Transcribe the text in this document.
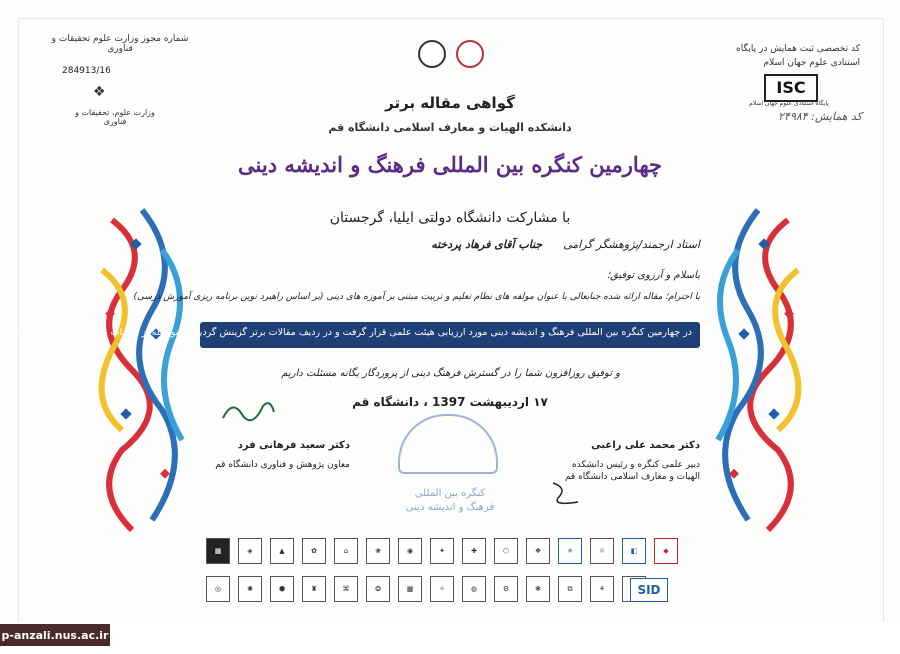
شماره مجوز وزارت علوم تحقیقات و فناوری
284913/16
❖
وزارت علوم، تحقیقات و فناوری
کد تخصصی ثبت همایش در پایگاه
استنادی علوم جهان اسلام
ISC
پایگاه استنادی علوم جهان اسلام
کد همایش: ۲۴۹۸۴
گواهی مقاله برتر
دانشکده الهیات و معارف اسلامی دانشگاه قم
چهارمین کنگره بین المللی فرهنگ و اندیشه دینی
با مشارکت دانشگاه دولتی ایلیا، گرجستان
استاد ارجمند/پژوهشگر گرامی      جناب آقای فرهاد پردخته
باسلام و آرزوی توفیق؛
با احترام؛ مقاله ارائه شده جنابعالی با عنوان مولفه های نظام تعلیم و تربیت مبتنی بر آموزه های دینی (بر اساس راهبرد نوین برنامه ریزی آموزش درسی)
در چهارمین کنگره بین المللی فرهنگ و اندیشه دینی مورد ارزیابی هیئت علمی قرار گرفت و در ردیف مقالات برتر گزینش گردید. بدینوسیله از زحمات جنابعالی تقدیر می نماید
و توفیق روزافزون شما را در گسترش فرهنگ دینی از پروردگار یگانه مسئلت داریم
۱۷ اردیبهشت 1397 ، دانشگاه قم
دکتر سعید فرهانی فرد
معاون پژوهش و فناوری دانشگاه قم
کنگره بین المللی
فرهنگ و اندیشه دینی
دکتر محمد علی راغبی
دبیر علمی کنگره و رئیس دانشکده
الهیات و معارف اسلامی دانشگاه قم
▦	◈	▲	✿	⌂	❀	◉	✦	✚	⬡	❖	✳	☼	◧	◆
◎	✺	⬢	♜	⌘	❂	▩	✧	◍	⚙	❃	⧉	⚘	SID
p-anzali.nus.ac.ir
